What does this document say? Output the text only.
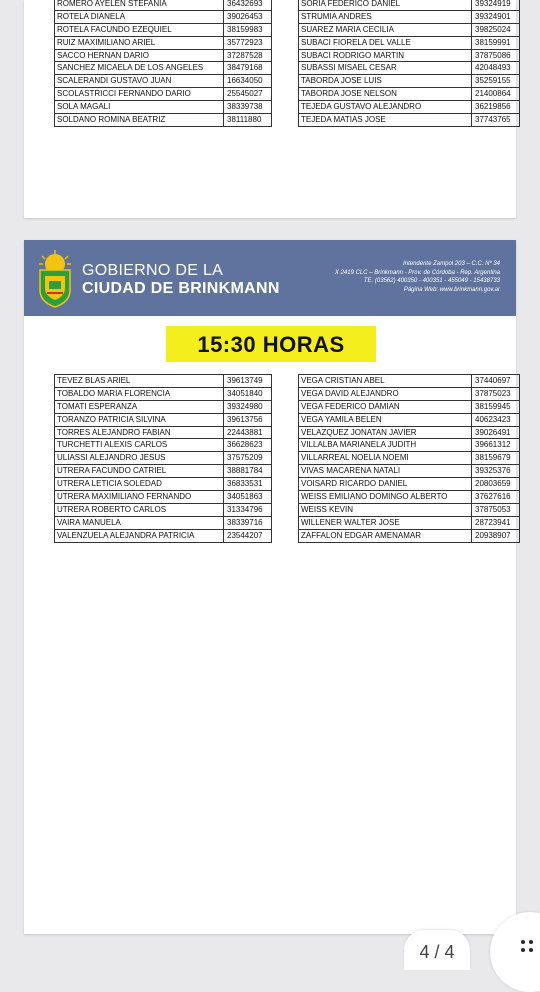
ROMERO AYELEN STEFANIA	36432693		SORIA FEDERICO DANIEL	39324919
ROTELA DIANELA	39026453		STRUMIA ANDRES	39324901
ROTELA FACUNDO EZEQUIEL	38159983		SUAREZ MARIA CECILIA	39825024
RUIZ MAXIMILIANO ARIEL	35772923		SUBACI FIORELA DEL VALLE	38159991
SACCO HERNAN DARIO	37287528		SUBACI RODRIGO MARTIN	37875086
SANCHEZ MICAELA DE LOS ANGELES	38479168		SUBASSI MISAEL CESAR	42048493
SCALERANDI GUSTAVO JUAN	16634050		TABORDA JOSE LUIS	35259155
SCOLASTRICCI FERNANDO DARIO	25545027		TABORDA JOSE NELSON	21400864
SOLA MAGALI	38339738		TEJEDA GUSTAVO ALEJANDRO	36219856
SOLDANO ROMINA BEATRIZ	38111880		TEJEDA MATIAS JOSE	37743765
GOBIERNO DE LA
CIUDAD DE BRINKMANN
Intendente Zampol 203 – C.C. Nº 34
X 2419 CLC – Brinkmann - Prov. de Córdoba - Rep. Argentina
TE. (03562) 400350 - 400351 - 455049 - 15438733
Página Web: www.brinkmann.gov.ar
15:30 HORAS
TEVEZ BLAS ARIEL	39613749		VEGA CRISTIAN ABEL	37440697
TOBALDO MARIA FLORENCIA	34051840		VEGA DAVID ALEJANDRO	37875023
TOMATI ESPERANZA	39324980		VEGA FEDERICO DAMIAN	38159945
TORANZO PATRICIA SILVINA	39613756		VEGA YAMILA BELEN	40623423
TORRES ALEJANDRO FABIAN	22443881		VELAZQUEZ JONATAN JAVIER	39026491
TURCHETTI ALEXIS CARLOS	36628623		VILLALBA MARIANELA JUDITH	39661312
ULIASSI ALEJANDRO JESUS	37575209		VILLARREAL NOELIA NOEMI	38159679
UTRERA FACUNDO CATRIEL	38881784		VIVAS MACARENA NATALI	39325376
UTRERA LETICIA SOLEDAD	36833531		VOISARD RICARDO DANIEL	20803659
UTRERA MAXIMILIANO FERNANDO	34051863		WEISS EMILIANO DOMINGO ALBERTO	37627616
UTRERA ROBERTO CARLOS	31334796		WEISS KEVIN	37875053
VAIRA MANUELA	38339716		WILLENER WALTER JOSE	28723941
VALENZUELA ALEJANDRA PATRICIA	23544207		ZAFFALON EDGAR AMENAMAR	20938907
4 / 4
